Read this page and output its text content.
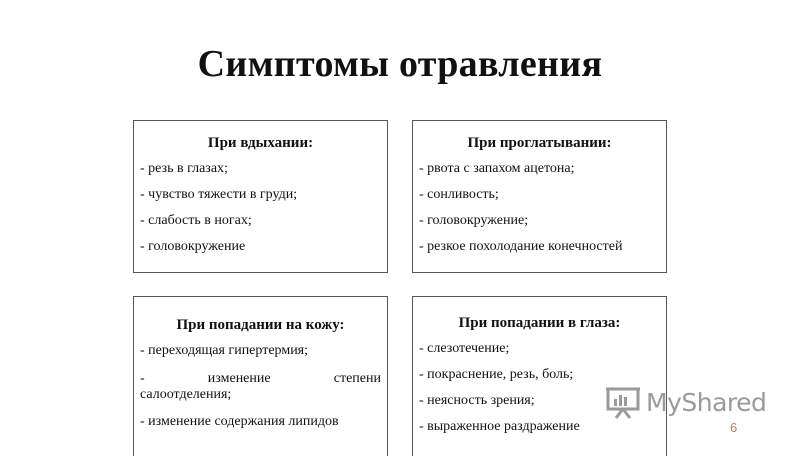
Симптомы отравления
При вдыхании:
- резь в глазах;
- чувство тяжести в груди;
- слабость в ногах;
- головокружение
При проглатывании:
- рвота с запахом ацетона;
- сонливость;
- головокружение;
- резкое похолодание конечностей
При попадании на кожу:
- переходящая гипертермия;
-	изменение	степени
салоотделения;
- изменение содержания липидов
При попадании в глаза:
- слезотечение;
- покраснение, резь, боль;
- неясность зрения;
- выраженное раздражение
MyShared
6
